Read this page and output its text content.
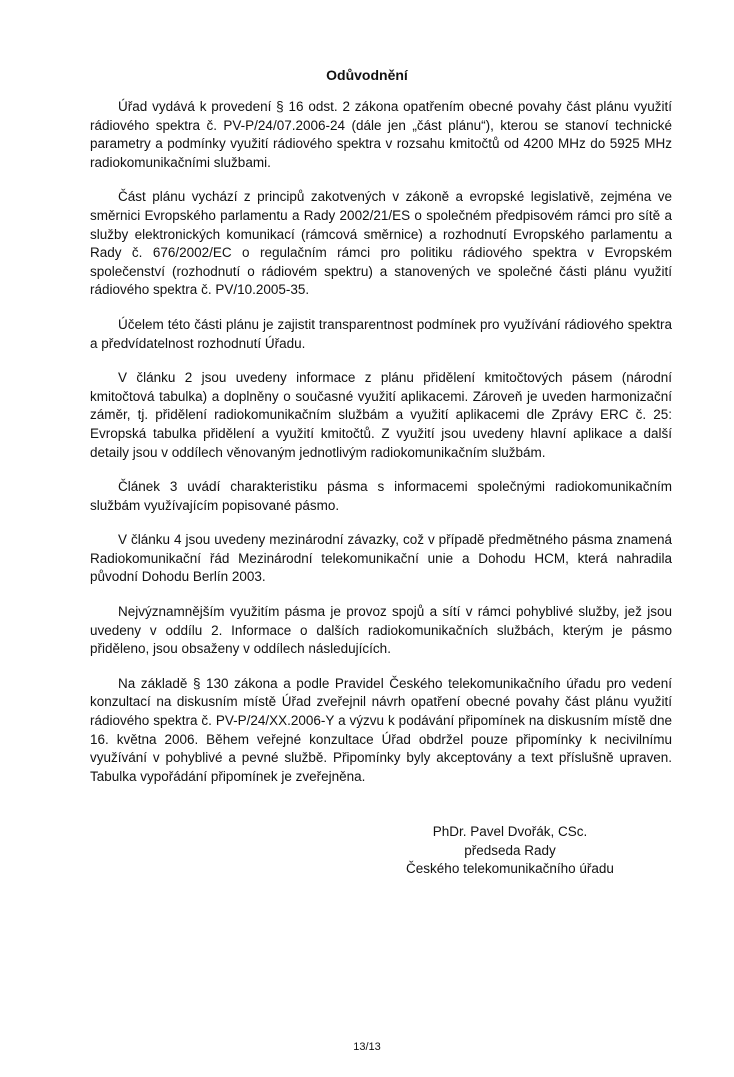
Odůvodnění

Úřad vydává k provedení § 16 odst. 2 zákona opatřením obecné povahy část plánu využití rádiového spektra č. PV-P/24/07.2006-24 (dále jen „část plánu“), kterou se stanoví technické parametry a podmínky využití rádiového spektra v rozsahu kmitočtů od 4200 MHz do 5925 MHz radiokomunikačními službami.

Část plánu vychází z principů zakotvených v zákoně a evropské legislativě, zejména ve směrnici Evropského parlamentu a Rady 2002/21/ES o společném předpisovém rámci pro sítě a služby elektronických komunikací (rámcová směrnice) a rozhodnutí Evropského parlamentu a Rady č. 676/2002/EC o regulačním rámci pro politiku rádiového spektra v Evropském společenství (rozhodnutí o rádiovém spektru) a stanovených ve společné části plánu využití rádiového spektra č. PV/10.2005-35.

Účelem této části plánu je zajistit transparentnost podmínek pro využívání rádiového spektra a předvídatelnost rozhodnutí Úřadu.

V článku 2 jsou uvedeny informace z plánu přidělení kmitočtových pásem (národní kmitočtová tabulka) a doplněny o současné využití aplikacemi. Zároveň je uveden harmonizační záměr, tj. přidělení radiokomunikačním službám a využití aplikacemi dle Zprávy ERC č. 25: Evropská tabulka přidělení a využití kmitočtů. Z využití jsou uvedeny hlavní aplikace a další detaily jsou v oddílech věnovaným jednotlivým radiokomunikačním službám.

Článek 3 uvádí charakteristiku pásma s informacemi společnými radiokomunikačním službám využívajícím popisované pásmo.

V článku 4 jsou uvedeny mezinárodní závazky, což v případě předmětného pásma znamená Radiokomunikační řád Mezinárodní telekomunikační unie a Dohodu HCM, která nahradila původní Dohodu Berlín 2003.

Nejvýznamnějším využitím pásma je provoz spojů a sítí v rámci pohyblivé služby, jež jsou uvedeny v oddílu 2. Informace o dalších radiokomunikačních službách, kterým je pásmo přiděleno, jsou obsaženy v oddílech následujících.

Na základě § 130 zákona a podle Pravidel Českého telekomunikačního úřadu pro vedení konzultací na diskusním místě Úřad zveřejnil návrh opatření obecné povahy část plánu využití rádiového spektra č. PV-P/24/XX.2006-Y a výzvu k podávání připomínek na diskusním místě dne 16. května 2006. Během veřejné konzultace Úřad obdržel pouze připomínky k necivilnímu využívání v pohyblivé a pevné službě. Připomínky byly akceptovány a text příslušně upraven. Tabulka vypořádání připomínek je zveřejněna.

PhDr. Pavel Dvořák, CSc.
předseda Rady
Českého telekomunikačního úřadu
13/13
